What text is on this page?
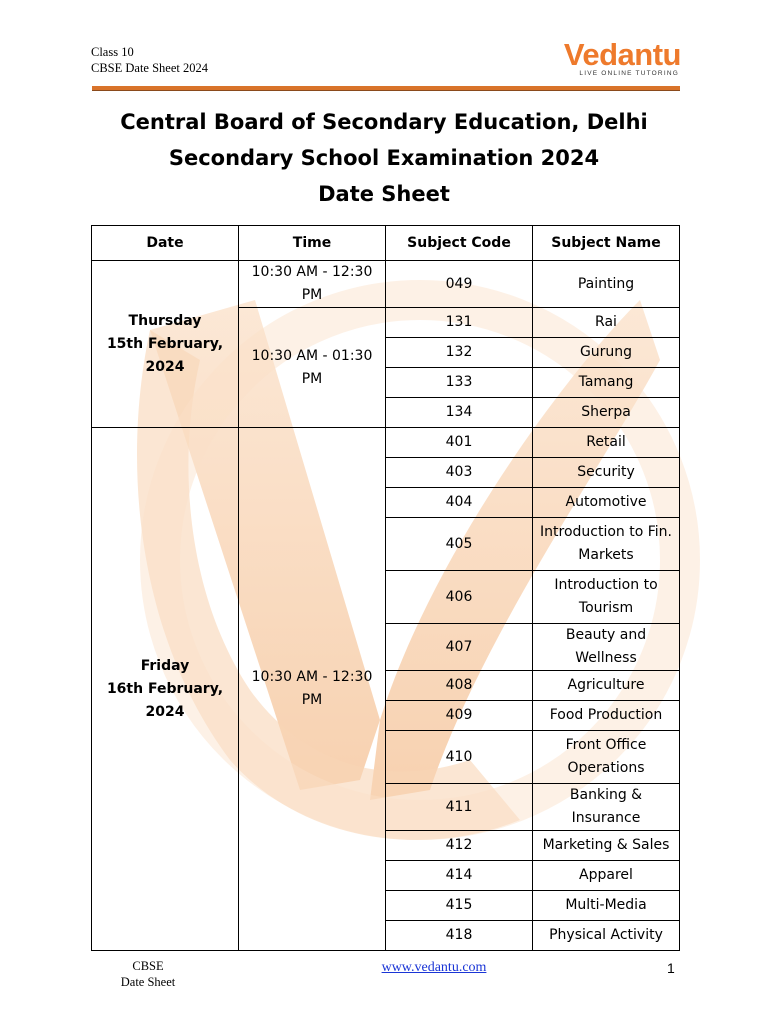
Class 10
CBSE Date Sheet 2024	Vedantu
LIVE ONLINE TUTORING
Central Board of Secondary Education, Delhi
Secondary School Examination 2024
Date Sheet
Date	Time	Subject Code	Subject Name

Thursday
15th February, 2024	10:30 AM - 12:30 PM	049	Painting
	10:30 AM - 01:30 PM	131	Rai
		132	Gurung
		133	Tamang
		134	Sherpa

Friday
16th February, 2024	10:30 AM - 12:30 PM	401	Retail
		403	Security
		404	Automotive
		405	Introduction to Fin. Markets
		406	Introduction to Tourism
		407	Beauty and Wellness
		408	Agriculture
		409	Food Production
		410	Front Office Operations
		411	Banking & Insurance
		412	Marketing & Sales
		414	Apparel
		415	Multi-Media
		418	Physical Activity
CBSE
Date Sheet
www.vedantu.com	1
